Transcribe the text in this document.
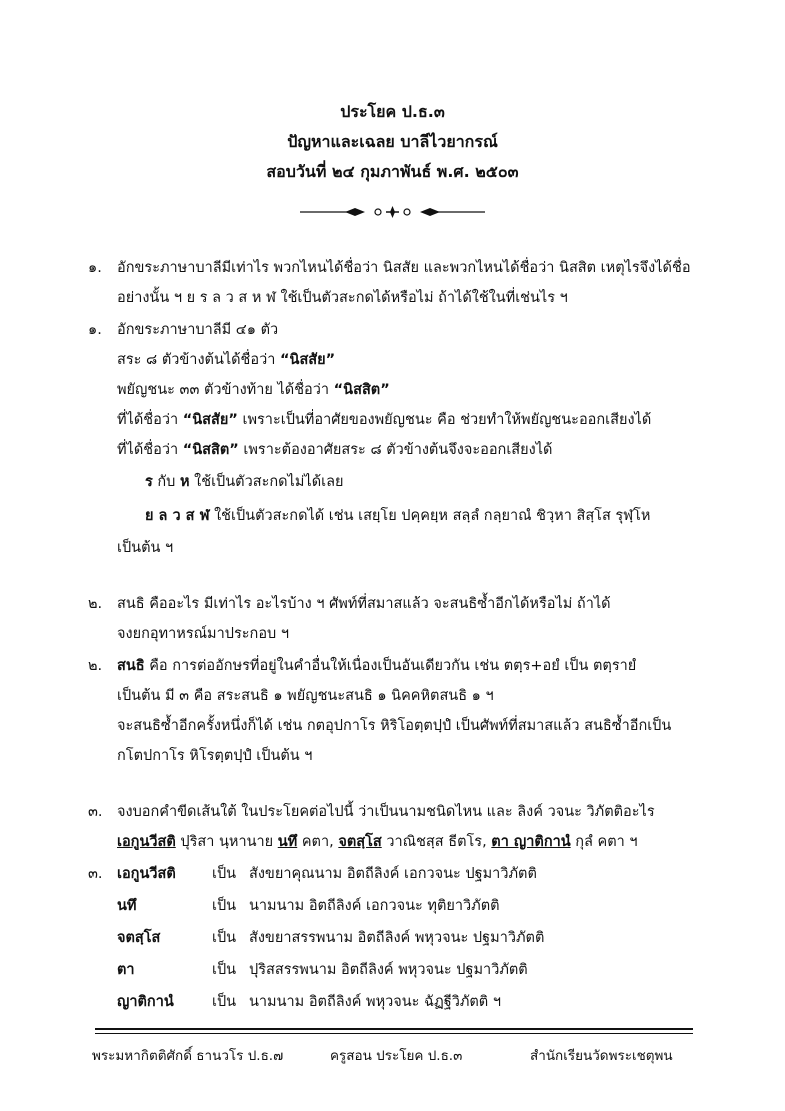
ประโยค ป.ธ.๓
ปัญหาและเฉลย บาลีไวยากรณ์
สอบวันที่ ๒๔ กุมภาพันธ์ พ.ศ. ๒๕๐๓
๑. อักขระภาษาบาลีมีเท่าไร พวกไหนได้ชื่อว่า นิสสัย และพวกไหนได้ชื่อว่า นิสสิต เหตุไรจึงได้ชื่อ
อย่างนั้น ฯ ย ร ล ว ส ห ฬ ใช้เป็นตัวสะกดได้หรือไม่ ถ้าได้ใช้ในที่เช่นไร ฯ
๑. อักขระภาษาบาลีมี ๔๑ ตัว
สระ ๘ ตัวข้างต้นได้ชื่อว่า “นิสสัย”
พยัญชนะ ๓๓ ตัวข้างท้าย ได้ชื่อว่า “นิสสิต”
ที่ได้ชื่อว่า “นิสสัย” เพราะเป็นที่อาศัยของพยัญชนะ คือ ช่วยทำให้พยัญชนะออกเสียงได้
ที่ได้ชื่อว่า “นิสสิต” เพราะต้องอาศัยสระ ๘ ตัวข้างต้นจึงจะออกเสียงได้
ร กับ ห ใช้เป็นตัวสะกดไม่ได้เลย
ย ล ว ส ฬ ใช้เป็นตัวสะกดได้ เช่น เสยฺโย ปคฺคยฺห สลฺลํ กลฺยาณํ ชิวฺหา สิสฺโส รุฬฺโห
เป็นต้น ฯ
๒. สนธิ คืออะไร มีเท่าไร อะไรบ้าง ฯ ศัพท์ที่สมาสแล้ว จะสนธิซ้ำอีกได้หรือไม่ ถ้าได้
จงยกอุทาหรณ์มาประกอบ ฯ
๒. สนธิ คือ การต่ออักษรที่อยู่ในคำอื่นให้เนื่องเป็นอันเดียวกัน เช่น ตตฺร+อยํ เป็น ตตฺรายํ
เป็นต้น มี ๓ คือ สระสนธิ ๑ พยัญชนะสนธิ ๑ นิคคหิตสนธิ ๑ ฯ
จะสนธิซ้ำอีกครั้งหนึ่งก็ได้ เช่น กตอุปกาโร หิริโอตฺตปฺปํ เป็นศัพท์ที่สมาสแล้ว สนธิซ้ำอีกเป็น
กโตปกาโร หิโรตฺตปฺปํ เป็นต้น ฯ
๓. จงบอกคำขีดเส้นใต้ ในประโยคต่อไปนี้ ว่าเป็นนามชนิดไหน และ ลิงค์ วจนะ วิภัตติอะไร
เอกูนวีสติ ปุริสา นฺหานาย นทึ คตา, จตสฺโส วาณิชสฺส ธีตโร, ตา ญาติกานํ กุลํ คตา ฯ
๓. เอกูนวีสติ เป็น สังขยาคุณนาม อิตถีลิงค์ เอกวจนะ ปฐมาวิภัตติ
นทึ	เป็น นามนาม อิตถีลิงค์ เอกวจนะ ทุติยาวิภัตติ
จตสฺโส	เป็น สังขยาสรรพนาม อิตถีลิงค์ พหุวจนะ ปฐมาวิภัตติ
ตา	เป็น ปุริสสรรพนาม อิตถีลิงค์ พหุวจนะ ปฐมาวิภัตติ
ญาติกานํ	เป็น นามนาม อิตถีลิงค์ พหุวจนะ ฉัฏฐีวิภัตติ ฯ
พระมหากิตติศักดิ์ ธานวโร ป.ธ.๗	ครูสอน ประโยค ป.ธ.๓	สำนักเรียนวัดพระเชตุพน
